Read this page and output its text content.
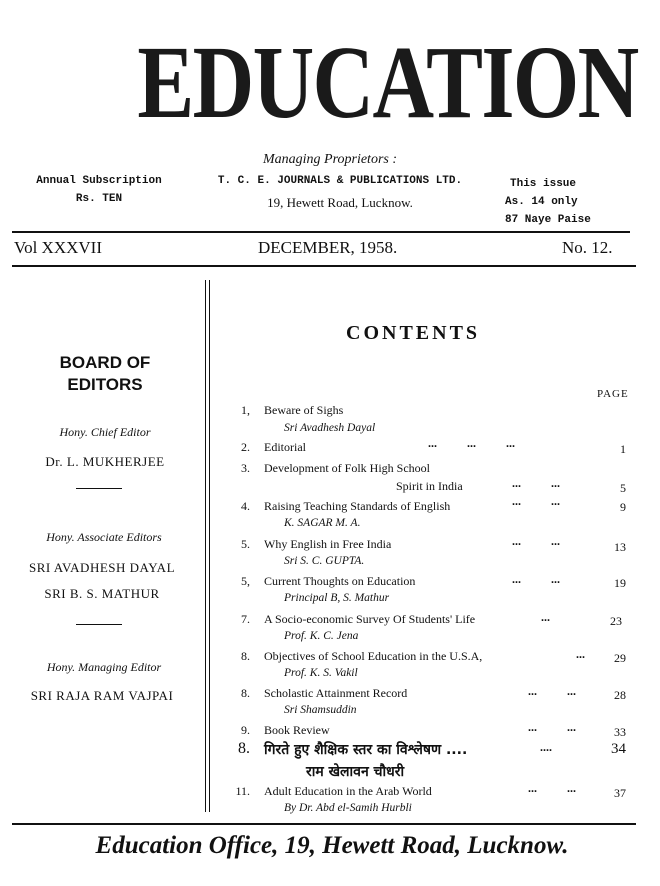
EDUCATION
Managing Proprietors :
T. C. E. JOURNALS & PUBLICATIONS LTD.
19, Hewett Road, Lucknow.
Annual Subscription
Rs. TEN
This issue
As. 14 only
87 Naye Paise
Vol XXXVII	DECEMBER, 1958.	No. 12.
BOARD OF
EDITORS
Hony. Chief Editor
Dr. L. MUKHERJEE
Hony. Associate Editors
SRI AVADHESH DAYAL
SRI B. S. MATHUR
Hony. Managing Editor
SRI RAJA RAM VAJPAI
CONTENTS
PAGE
1, Beware of Sighs
Sri Avadhesh Dayal
2. Editorial	...          ...          ...	1
3. Development of Folk High School
Spirit in India	...          ...	5
4. Raising Teaching Standards of English	...          ...	9
K. SAGAR M. A.
5. Why English in Free India	...          ...	13
Sri S. C. GUPTA.
5, Current Thoughts on Education	...          ...	19
Principal B, S. Mathur
7. A Socio-economic Survey Of Students' Life	...	23
Prof. K. C. Jena
8. Objectives of School Education in the U.S.A,	...	29
Prof. K. S. Vakil
8. Scholastic Attainment Record	...          ...	28
Sri Shamsuddin
9. Book Review	...          ...	33
8. गिरते हुए शैक्षिक स्तर का विश्लेषण ....	....	34
राम खेलावन चौधरी
11. Adult Education in the Arab World	...          ...	37
By Dr. Abd el-Samih Hurbli
Education Office, 19, Hewett Road, Lucknow.
